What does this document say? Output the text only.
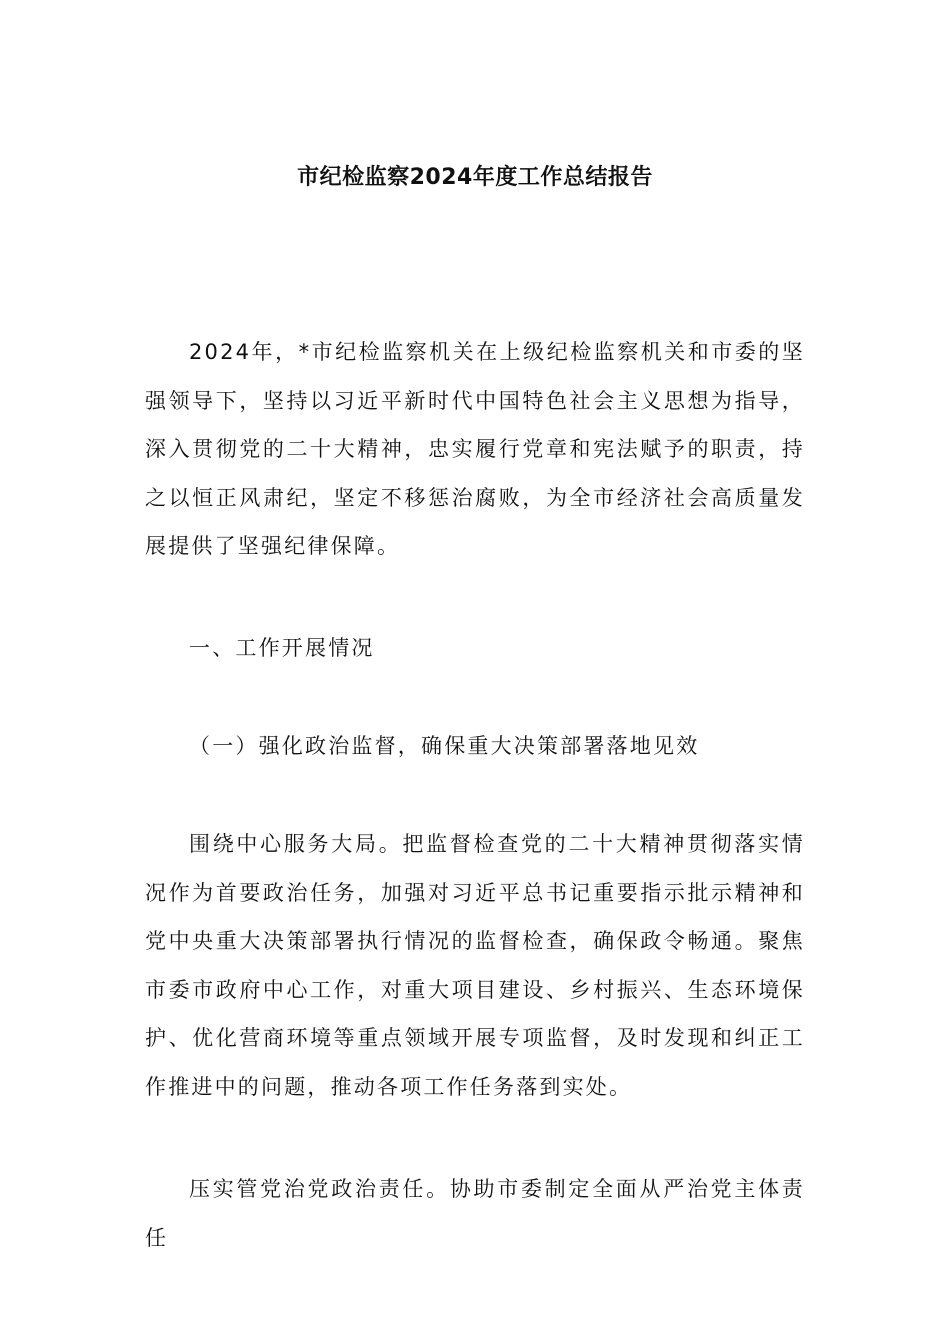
市纪检监察2024年度工作总结报告

2024年，*市纪检监察机关在上级纪检监察机关和市委的坚强领导下，坚持以习近平新时代中国特色社会主义思想为指导，深入贯彻党的二十大精神，忠实履行党章和宪法赋予的职责，持之以恒正风肃纪，坚定不移惩治腐败，为全市经济社会高质量发展提供了坚强纪律保障。

一、工作开展情况

（一）强化政治监督，确保重大决策部署落地见效

围绕中心服务大局。把监督检查党的二十大精神贯彻落实情况作为首要政治任务，加强对习近平总书记重要指示批示精神和党中央重大决策部署执行情况的监督检查，确保政令畅通。聚焦市委市政府中心工作，对重大项目建设、乡村振兴、生态环境保护、优化营商环境等重点领域开展专项监督，及时发现和纠正工作推进中的问题，推动各项工作任务落到实处。

压实管党治党政治责任。协助市委制定全面从严治党主体责任
